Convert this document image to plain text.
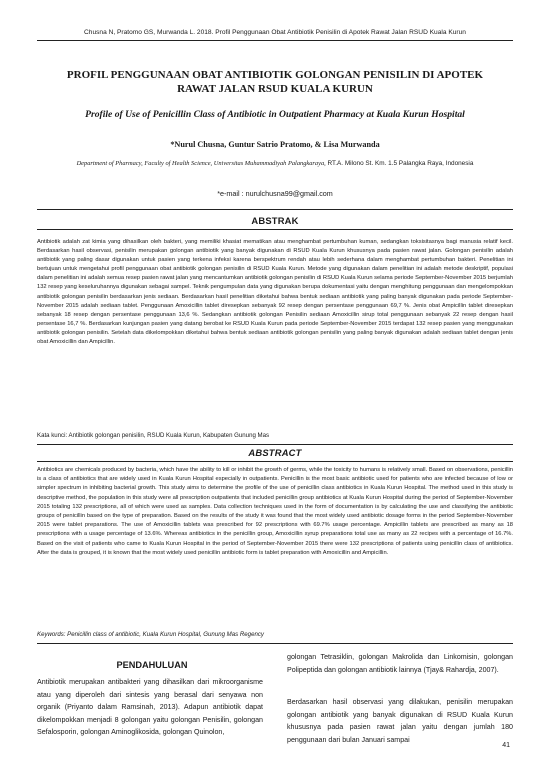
Chusna N, Pratomo GS, Murwanda L. 2018. Profil Penggunaan Obat Antibiotik Penisilin di Apotek Rawat Jalan RSUD Kuala Kurun
PROFIL PENGGUNAAN OBAT ANTIBIOTIK GOLONGAN PENISILIN DI APOTEK
RAWAT JALAN RSUD KUALA KURUN
Profile of Use of Penicillin Class of Antibiotic in Outpatient Pharmacy at Kuala Kurun Hospital
*Nurul Chusna, Guntur Satrio Pratomo, & Lisa Murwanda
Department of Pharmacy, Faculty of Health Science, Universitas Muhammadiyah Palangkaraya, RT.A. Milono St. Km. 1.5 Palangka Raya, Indonesia
*e-mail : nurulchusna99@gmail.com
ABSTRAK
Antibiotik adalah zat kimia yang dihasilkan oleh bakteri, yang memiliki khasiat mematikan atau menghambat pertumbuhan kuman, sedangkan toksisitasnya bagi manusia relatif kecil. Berdasarkan hasil observasi, penisilin merupakan golongan antibiotik yang banyak digunakan di RSUD Kuala Kurun khususnya pada pasien rawat jalan. Golongan penisilin adalah antibiotik yang paling dasar digunakan untuk pasien yang terkena infeksi karena berspektrum rendah atau lebih sederhana dalam menghambat pertumbuhan bakteri. Penelitian ini bertujuan untuk mengetahui profil penggunaan obat antibiotik golongan penisilin di RSUD Kuala Kurun. Metode yang digunakan dalam penelitian ini adalah metode deskriptif, populasi dalam penelitian ini adalah semua resep pasien rawat jalan yang mencantumkan antibiotik golongan penisilin di RSUD Kuala Kurun selama periode September-November 2015 berjumlah 132 resep yang keseluruhannya digunakan sebagai sampel. Teknik pengumpulan data yang digunakan berupa dokumentasi yaitu dengan menghitung penggunaan dan mengelompokkan antibiotik golongan penisilin berdasarkan jenis sediaan. Berdasarkan hasil penelitian diketahui bahwa bentuk sediaan antibiotik yang paling banyak digunakan pada periode September-November 2015 adalah sediaan tablet. Penggunaan Amoxicillin tablet diresepkan sebanyak 92 resep dengan persentase penggunaan 69,7 %. Jenis obat Ampicillin tablet diresepkan sebanyak 18 resep dengan persentase penggunaan 13,6 %. Sedangkan antibiotik golongan Penisilin sediaan Amoxicillin sirup total penggunaan sebanyak 22 resep dengan hasil persentase 16,7 %. Berdasarkan kunjungan pasien yang datang berobat ke RSUD Kuala Kurun pada periode September-November 2015 terdapat 132 resep pasien yang menggunakan antibiotik golongan penisilin. Setelah data dikelompokkan diketahui bahwa bentuk sediaan antibiotik golongan penisilin yang paling banyak digunakan adalah sediaan tablet dengan jenis obat Amoxicillin dan Ampicillin.
Kata kunci: Antibiotik golongan penisilin, RSUD Kuala Kurun, Kabupaten Gunung Mas
ABSTRACT
Antibiotics are chemicals produced by bacteria, which have the ability to kill or inhibit the growth of germs, while the toxicity to humans is relatively small. Based on observations, penicillin is a class of antibiotics that are widely used in Kuala Kurun Hospital especially in outpatients. Penicillin is the most basic antibiotic used for patients who are infected because of low or simpler spectrum in inhibiting bacterial growth. This study aims to determine the profile of the use of penicillin class antibiotics in Kuala Kurun Hospital. The method used in this study is descriptive method, the population in this study were all prescription outpatients that included penicillin group antibiotics at Kuala Kurun Hospital during the period of September-November 2015 totaling 132 prescriptions, all of which were used as samples. Data collection techniques used in the form of documentation is by calculating the use and classifying the antibiotic groups of penicillin based on the type of preparation. Based on the results of the study it was found that the most widely used antibiotic dosage forms in the period September-November 2015 were tablet preparations. The use of Amoxicillin tablets was prescribed for 92 prescriptions with 69.7% usage percentage. Ampicillin tablets are prescribed as many as 18 prescriptions with a usage percentage of 13.6%. Whereas antibiotics in the penicillin group, Amoxicillin syrup preparations total use as many as 22 recipes with a percentage of 16.7%. Based on the visit of patients who came to Kuala Kurun Hospital in the period of September-November 2015 there were 132 prescriptions of patients using penicillin class of antibiotics. After the data is grouped, it is known that the most widely used penicillin antibiotic form is tablet preparation with Amoxicillin and Ampicillin.
Keywords: Penicillin class of antibiotic, Kuala Kurun Hospital, Gunung Mas Regency
PENDAHULUAN
Antibiotik merupakan antibakteri yang dihasilkan dari mikroorganisme atau yang diperoleh dari sintesis yang berasal dari senyawa non organik (Priyanto dalam Ramsinah, 2013). Adapun antibiotik dapat dikelompokkan menjadi 8 golongan yaitu golongan Penisilin, golongan Sefalosporin, golongan Aminoglikosida, golongan Quinolon,
golongan Tetrasiklin, golongan Makrolida dan Linkomisin, golongan Polipeptida dan golongan antibiotik lainnya (Tjay& Rahardja, 2007).
Berdasarkan hasil observasi yang dilakukan, penisilin merupakan golongan antibiotik yang banyak digunakan di RSUD Kuala Kurun khususnya pada pasien rawat jalan yaitu dengan jumlah 180 penggunaan dari bulan Januari sampai
41
